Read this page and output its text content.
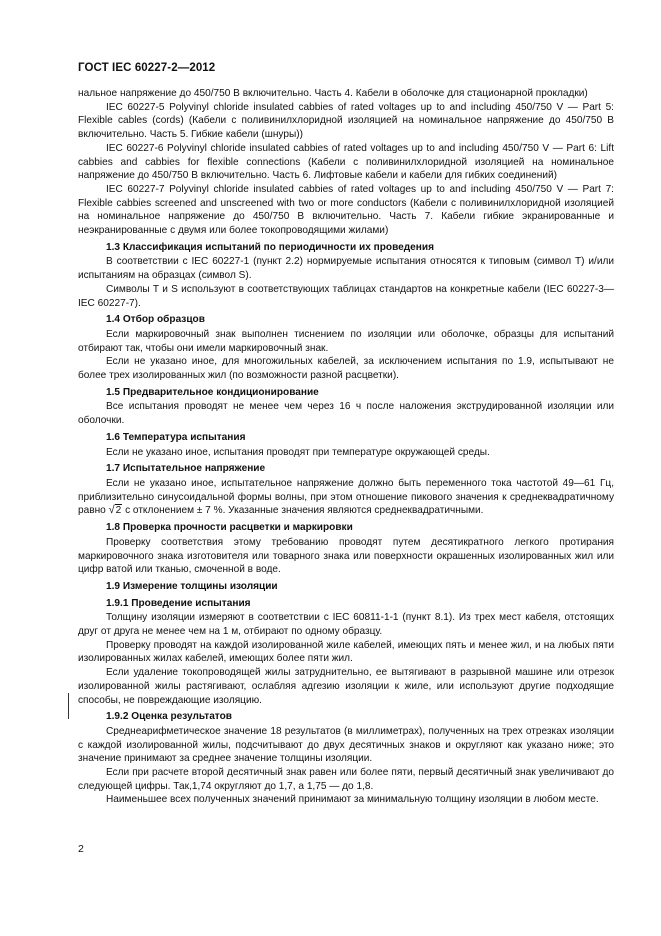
ГОСТ IEC 60227-2—2012

нальное напряжение до 450/750 В включительно. Часть 4. Кабели в оболочке для стационарной прокладки)

IEC 60227-5 Polyvinyl chloride insulated cabbies of rated voltages up to and including 450/750 V — Part 5: Flexible cables (cords) (Кабели с поливинилхлоридной изоляцией на номинальное напряжение до 450/750 В включительно. Часть 5. Гибкие кабели (шнуры))

IEC 60227-6 Polyvinyl chloride insulated cabbies of rated voltages up to and including 450/750 V — Part 6: Lift cabbies and cabbies for flexible connections (Кабели с поливинилхлоридной изоляцией на номинальное напряжение до 450/750 В включительно. Часть 6. Лифтовые кабели и кабели для гибких соединений)

IEC 60227-7 Polyvinyl chloride insulated cabbies of rated voltages up to and including 450/750 V — Part 7: Flexible cabbies screened and unscreened with two or more conductors (Кабели с поливинилхлоридной изоляцией на номинальное напряжение до 450/750 В включительно. Часть 7. Кабели гибкие экранированные и неэкранированные с двумя или более токопроводящими жилами)

1.3 Классификация испытаний по периодичности их проведения

В соответствии с IEC 60227-1 (пункт 2.2) нормируемые испытания относятся к типовым (символ Т) и/или испытаниям на образцах (символ S).

Символы Т и S используют в соответствующих таблицах стандартов на конкретные кабели (IEC 60227-3—IEC 60227-7).

1.4 Отбор образцов

Если маркировочный знак выполнен тиснением по изоляции или оболочке, образцы для испытаний отбирают так, чтобы они имели маркировочный знак.

Если не указано иное, для многожильных кабелей, за исключением испытания по 1.9, испытывают не более трех изолированных жил (по возможности разной расцветки).

1.5 Предварительное кондиционирование

Все испытания проводят не менее чем через 16 ч после наложения экструдированной изоляции или оболочки.

1.6 Температура испытания

Если не указано иное, испытания проводят при температуре окружающей среды.

1.7 Испытательное напряжение

Если не указано иное, испытательное напряжение должно быть переменного тока частотой 49—61 Гц, приблизительно синусоидальной формы волны, при этом отношение пикового значения к среднеквадратичному равно √2 с отклонением ± 7 %. Указанные значения являются среднеквадратичными.

1.8 Проверка прочности расцветки и маркировки

Проверку соответствия этому требованию проводят путем десятикратного легкого протирания маркировочного знака изготовителя или товарного знака или поверхности окрашенных изолированных жил или цифр ватой или тканью, смоченной в воде.

1.9 Измерение толщины изоляции

1.9.1 Проведение испытания

Толщину изоляции измеряют в соответствии с IEC 60811-1-1 (пункт 8.1). Из трех мест кабеля, отстоящих друг от друга не менее чем на 1 м, отбирают по одному образцу.

Проверку проводят на каждой изолированной жиле кабелей, имеющих пять и менее жил, и на любых пяти изолированных жилах кабелей, имеющих более пяти жил.

Если удаление токопроводящей жилы затруднительно, ее вытягивают в разрывной машине или отрезок изолированной жилы растягивают, ослабляя адгезию изоляции к жиле, или используют другие подходящие способы, не повреждающие изоляцию.

1.9.2 Оценка результатов

Среднеарифметическое значение 18 результатов (в миллиметрах), полученных на трех отрезках изоляции с каждой изолированной жилы, подсчитывают до двух десятичных знаков и округляют как указано ниже; это значение принимают за среднее значение толщины изоляции.

Если при расчете второй десятичный знак равен или более пяти, первый десятичный знак увеличивают до следующей цифры. Так,1,74 округляют до 1,7, а 1,75 — до 1,8.

Наименьшее всех полученных значений принимают за минимальную толщину изоляции в любом месте.

2
